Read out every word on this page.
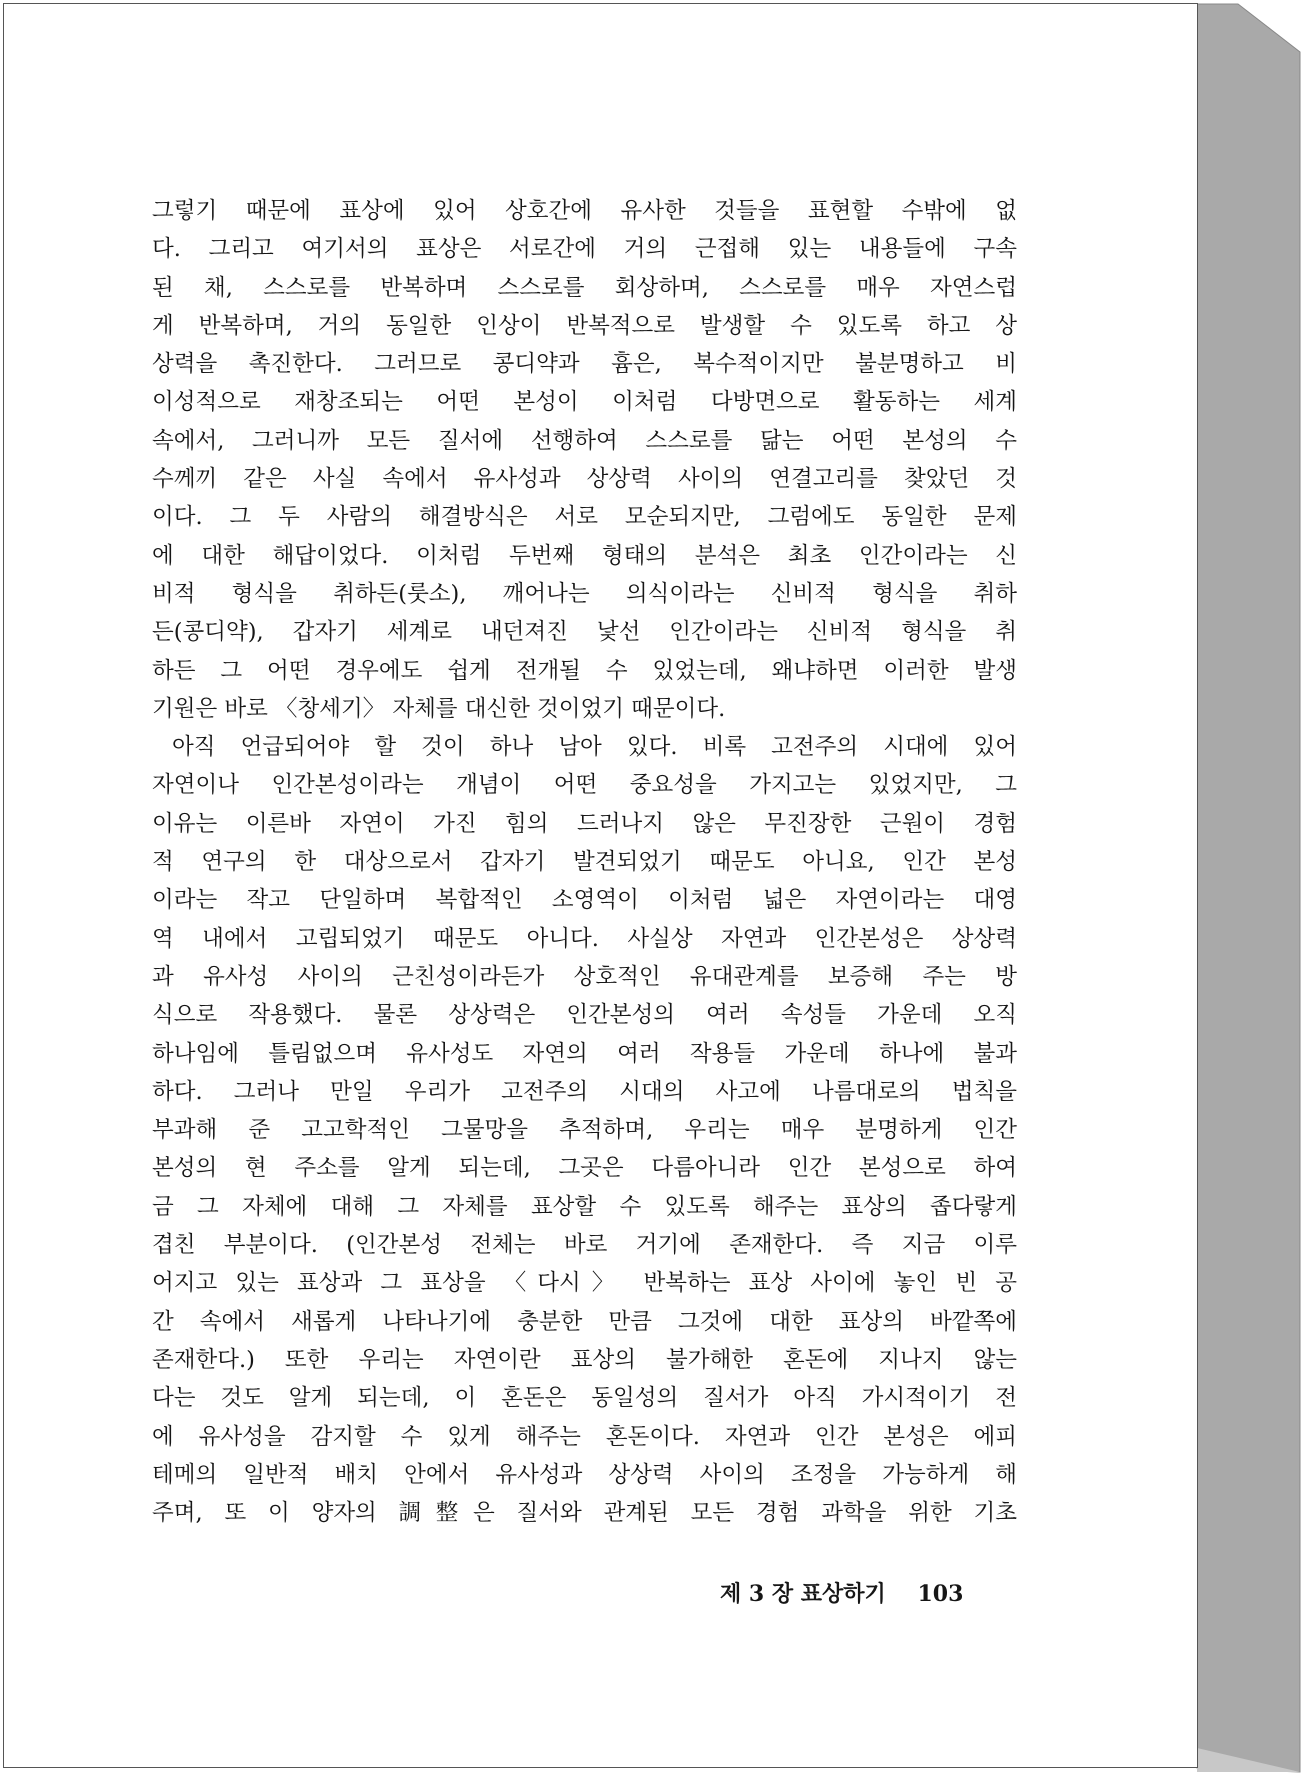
그렇기 때문에 표상에 있어 상호간에 유사한 것들을 표현할 수밖에 없
다. 그리고 여기서의 표상은 서로간에 거의 근접해 있는 내용들에 구속
된 채, 스스로를 반복하며 스스로를 회상하며, 스스로를 매우 자연스럽
게 반복하며, 거의 동일한 인상이 반복적으로 발생할 수 있도록 하고 상
상력을 촉진한다. 그러므로 콩디약과 흄은, 복수적이지만 불분명하고 비
이성적으로 재창조되는 어떤 본성이 이처럼 다방면으로 활동하는 세계
속에서, 그러니까 모든 질서에 선행하여 스스로를 닮는 어떤 본성의 수
수께끼 같은 사실 속에서 유사성과 상상력 사이의 연결고리를 찾았던 것
이다. 그 두 사람의 해결방식은 서로 모순되지만, 그럼에도 동일한 문제
에 대한 해답이었다. 이처럼 두번째 형태의 분석은 최초 인간이라는 신
비적 형식을 취하든(룻소), 깨어나는 의식이라는 신비적 형식을 취하
든(콩디약), 갑자기 세계로 내던져진 낯선 인간이라는 신비적 형식을 취
하든 그 어떤 경우에도 쉽게 전개될 수 있었는데, 왜냐하면 이러한 발생
기원은 바로 〈창세기〉 자체를 대신한 것이었기 때문이다.
아직 언급되어야 할 것이 하나 남아 있다. 비록 고전주의 시대에 있어
자연이나 인간본성이라는 개념이 어떤 중요성을 가지고는 있었지만, 그
이유는 이른바 자연이 가진 힘의 드러나지 않은 무진장한 근원이 경험
적 연구의 한 대상으로서 갑자기 발견되었기 때문도 아니요, 인간 본성
이라는 작고 단일하며 복합적인 소영역이 이처럼 넓은 자연이라는 대영
역 내에서 고립되었기 때문도 아니다. 사실상 자연과 인간본성은 상상력
과 유사성 사이의 근친성이라든가 상호적인 유대관계를 보증해 주는 방
식으로 작용했다. 물론 상상력은 인간본성의 여러 속성들 가운데 오직
하나임에 틀림없으며 유사성도 자연의 여러 작용들 가운데 하나에 불과
하다. 그러나 만일 우리가 고전주의 시대의 사고에 나름대로의 법칙을
부과해 준 고고학적인 그물망을 추적하며, 우리는 매우 분명하게 인간
본성의 현 주소를 알게 되는데, 그곳은 다름아니라 인간 본성으로 하여
금 그 자체에 대해 그 자체를 표상할 수 있도록 해주는 표상의 좁다랗게
겹친 부분이다. (인간본성 전체는 바로 거기에 존재한다. 즉 지금 이루
어지고 있는 표상과 그 표상을 〈다시〉 반복하는 표상 사이에 놓인 빈 공
간 속에서 새롭게 나타나기에 충분한 만큼 그것에 대한 표상의 바깥쪽에
존재한다.) 또한 우리는 자연이란 표상의 불가해한 혼돈에 지나지 않는
다는 것도 알게 되는데, 이 혼돈은 동일성의 질서가 아직 가시적이기 전
에 유사성을 감지할 수 있게 해주는 혼돈이다. 자연과 인간 본성은 에피
테메의 일반적 배치 안에서 유사성과 상상력 사이의 조정을 가능하게 해
주며, 또 이 양자의 調整은 질서와 관계된 모든 경험 과학을 위한 기초
제 3 장 표상하기 103
